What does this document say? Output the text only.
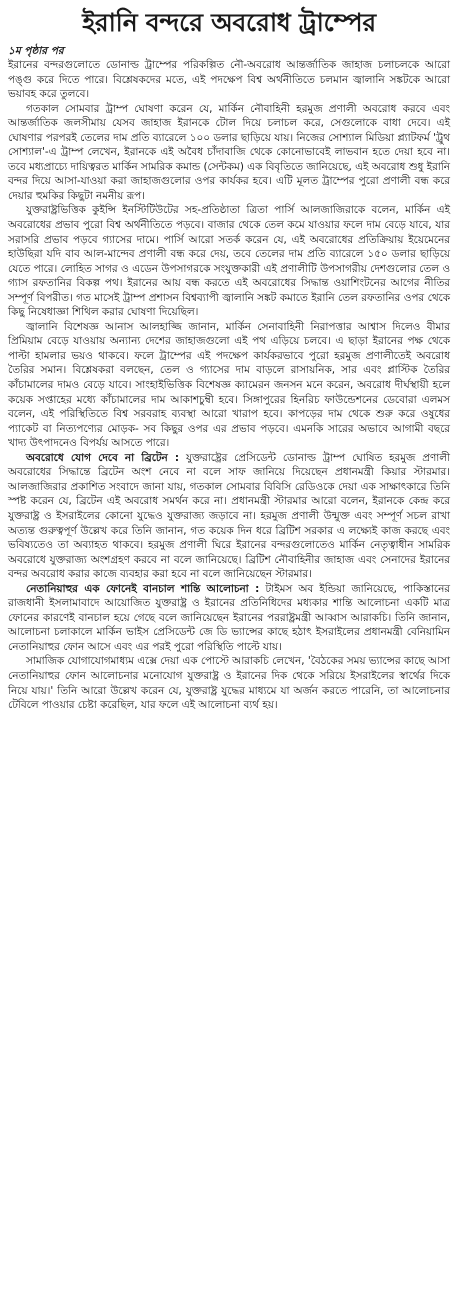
ইরানি বন্দরে অবরোধ ট্রাম্পের
১ম পৃষ্ঠার পর

ইরানের বন্দরগুলোতে ডোনাল্ড ট্রাম্পের পরিকল্পিত নৌ-অবরোধ আন্তর্জাতিক জাহাজ চলাচলকে আরো পঙ্গু করে দিতে পারে। বিশ্লেষকদের মতে, এই পদক্ষেপ বিশ্ব অর্থনীতিতে চলমান জ্বালানি সঙ্কটকে আরো ভয়াবহ করে তুলবে।

গতকাল সোমবার ট্রাম্প ঘোষণা করেন যে, মার্কিন নৌবাহিনী হরমুজ প্রণালী অবরোধ করবে এবং আন্তর্জাতিক জলসীমায় যেসব জাহাজ ইরানকে টোল দিয়ে চলাচল করে, সেগুলোকে বাধা দেবে। এই ঘোষণার পরপরই তেলের দাম প্রতি ব্যারেলে ১০০ ডলার ছাড়িয়ে যায়। নিজের সোশ্যাল মিডিয়া প্ল্যাটফর্ম 'ট্রুথ সোশ্যাল'-এ ট্রাম্প লেখেন, ইরানকে এই অবৈধ চাঁদাবাজি থেকে কোনোভাবেই লাভবান হতে দেয়া হবে না। তবে মধ্যপ্রাচ্যে দায়িত্বরত মার্কিন সামরিক কমান্ড (সেন্টকম) এক বিবৃতিতে জানিয়েছে, এই অবরোধ শুধু ইরানি বন্দর দিয়ে আসা-যাওয়া করা জাহাজগুলোর ওপর কার্যকর হবে। এটি মূলত ট্রাম্পের পুরো প্রণালী বন্ধ করে দেয়ার হুমকির কিছুটা নমনীয় রূপ।

যুক্তরাষ্ট্রভিত্তিক কুইন্সি ইনস্টিটিউটের সহ-প্রতিষ্ঠাতা ত্রিতা পার্সি আলজাজিরাকে বলেন, মার্কিন এই অবরোধের প্রভাব পুরো বিশ্ব অর্থনীতিতে পড়বে। বাজার থেকে তেল কমে যাওয়ার ফলে দাম বেড়ে যাবে, যার সরাসরি প্রভাব পড়বে গ্যাসের দামে। পার্সি আরো সতর্ক করেন যে, এই অবরোধের প্রতিক্রিয়ায় ইয়েমেনের হাউছিরা যদি বাব আল-মান্দেব প্রণালী বন্ধ করে দেয়, তবে তেলের দাম প্রতি ব্যারেলে ১৫০ ডলার ছাড়িয়ে যেতে পারে। লোহিত সাগর ও এডেন উপসাগরকে সংযুক্তকারী এই প্রণালীটি উপসাগরীয় দেশগুলোর তেল ও গ্যাস রফতানির বিকল্প পথ। ইরানের আয় বন্ধ করতে এই অবরোধের সিদ্ধান্ত ওয়াশিংটনের আগের নীতির সম্পূর্ণ বিপরীত। গত মাসেই ট্রাম্প প্রশাসন বিশ্বব্যাপী জ্বালানি সঙ্কট কমাতে ইরানি তেল রফতানির ওপর থেকে কিছু নিষেধাজ্ঞা শিথিল করার ঘোষণা দিয়েছিল।

জ্বালানি বিশেষজ্ঞ আনাস আলহাজ্জি জানান, মার্কিন সেনাবাহিনী নিরাপত্তার আশ্বাস দিলেও বীমার প্রিমিয়াম বেড়ে যাওয়ায় অন্যান্য দেশের জাহাজগুলো এই পথ এড়িয়ে চলবে। এ ছাড়া ইরানের পক্ষ থেকে পাল্টা হামলার ভয়ও থাকবে। ফলে ট্রাম্পের এই পদক্ষেপ কার্যকরভাবে পুরো হরমুজ প্রণালীতেই অবরোধ তৈরির সমান। বিশ্লেষকরা বলছেন, তেল ও গ্যাসের দাম বাড়লে রাসায়নিক, সার এবং প্লাস্টিক তৈরির কাঁচামালের দামও বেড়ে যাবে। সাংহাইভিত্তিক বিশেষজ্ঞ ক্যামেরন জনসন মনে করেন, অবরোধ দীর্ঘস্থায়ী হলে কয়েক সপ্তাহের মধ্যে কাঁচামালের দাম আকাশচুম্বী হবে। সিঙ্গাপুরের হিনরিচ ফাউন্ডেশনের ডেবোরা এলমস বলেন, এই পরিস্থিতিতে বিশ্ব সরবরাহ ব্যবস্থা আরো খারাপ হবে। কাপড়ের দাম থেকে শুরু করে ওষুধের প্যাকেট বা নিত্যপণ্যের মোড়ক- সব কিছুর ওপর এর প্রভাব পড়বে। এমনকি সারের অভাবে আগামী বছরে খাদ্য উৎপাদনেও বিপর্যয় আসতে পারে।

অবরোধে যোগ দেবে না ব্রিটেন : যুক্তরাষ্ট্রের প্রেসিডেন্ট ডোনাল্ড ট্রাম্প ঘোষিত হরমুজ প্রণালী অবরোধের সিদ্ধান্তে ব্রিটেন অংশ নেবে না বলে সাফ জানিয়ে দিয়েছেন প্রধানমন্ত্রী কিয়ার স্টারমার। আলজাজিরার প্রকাশিত সংবাদে জানা যায়, গতকাল সোমবার বিবিসি রেডিওকে দেয়া এক সাক্ষাৎকারে তিনি স্পষ্ট করেন যে, ব্রিটেন এই অবরোধ সমর্থন করে না। প্রধানমন্ত্রী স্টারমার আরো বলেন, ইরানকে কেন্দ্র করে যুক্তরাষ্ট্র ও ইসরাইলের কোনো যুদ্ধেও যুক্তরাজ্য জড়াবে না। হরমুজ প্রণালী উন্মুক্ত এবং সম্পূর্ণ সচল রাখা অত্যন্ত গুরুত্বপূর্ণ উল্লেখ করে তিনি জানান, গত কয়েক দিন ধরে ব্রিটিশ সরকার এ লক্ষ্যেই কাজ করছে এবং ভবিষ্যতেও তা অব্যাহত থাকবে। হরমুজ প্রণালী ঘিরে ইরানের বন্দরগুলোতেও মার্কিন নেতৃত্বাধীন সামরিক অবরোধে যুক্তরাজ্য অংশগ্রহণ করবে না বলে জানিয়েছে। ব্রিটিশ নৌবাহিনীর জাহাজ এবং সেনাদের ইরানের বন্দর অবরোধ করার কাজে ব্যবহার করা হবে না বলে জানিয়েছেন স্টারমার।

নেতানিয়াহুর এক ফোনেই বানচাল শান্তি আলোচনা : টাইমস অব ইন্ডিয়া জানিয়েছে, পাকিস্তানের রাজধানী ইসলামাবাদে আয়োজিত যুক্তরাষ্ট্র ও ইরানের প্রতিনিধিদের মধ্যকার শান্তি আলোচনা একটি মাত্র ফোনের কারণেই বানচাল হয়ে গেছে বলে জানিয়েছেন ইরানের পররাষ্ট্রমন্ত্রী আব্বাস আরাকচি। তিনি জানান, আলোচনা চলাকালে মার্কিন ভাইস প্রেসিডেন্ট জে ডি ভ্যান্সের কাছে হঠাৎ ইসরাইলের প্রধানমন্ত্রী বেনিয়ামিন নেতানিয়াহুর ফোন আসে এবং এর পরই পুরো পরিস্থিতি পাল্টে যায়।

সামাজিক যোগাযোগমাধ্যম এক্সে দেয়া এক পোস্টে আরাকচি লেখেন, 'বৈঠকের সময় ভ্যান্সের কাছে আসা নেতানিয়াহুর ফোন আলোচনার মনোযোগ যুক্তরাষ্ট্র ও ইরানের দিক থেকে সরিয়ে ইসরাইলের স্বার্থের দিকে নিয়ে যায়।' তিনি আরো উল্লেখ করেন যে, যুক্তরাষ্ট্র যুদ্ধের মাধ্যমে যা অর্জন করতে পারেনি, তা আলোচনার টেবিলে পাওয়ার চেষ্টা করেছিল, যার ফলে এই আলোচনা ব্যর্থ হয়।
